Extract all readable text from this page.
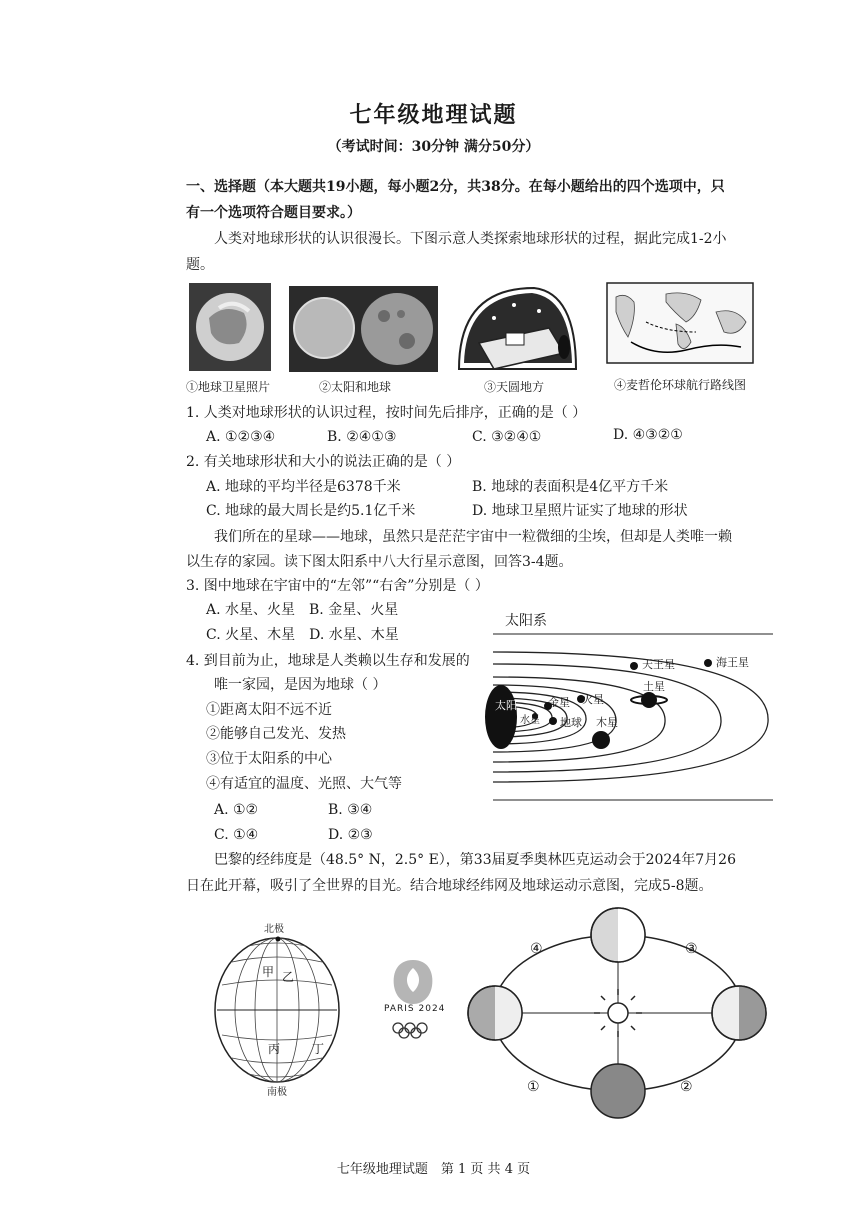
七年级地理试题
（考试时间：30分钟 满分50分）
一、选择题（本大题共19小题，每小题2分，共38分。在每小题给出的四个选项中，只
有一个选项符合题目要求。）
人类对地球形状的认识很漫长。下图示意人类探索地球形状的过程，据此完成1-2小
题。
①地球卫星照片	②太阳和地球	③天圆地方	④麦哲伦环球航行路线图
1. 人类对地球形状的认识过程，按时间先后排序，正确的是（ ）
A. ①②③④	B. ②④①③	C. ③②④①	D. ④③②①
2. 有关地球形状和大小的说法正确的是（ ）
A. 地球的平均半径是6378千米	B. 地球的表面积是4亿平方千米
C. 地球的最大周长是约5.1亿千米	D. 地球卫星照片证实了地球的形状
我们所在的星球——地球，虽然只是茫茫宇宙中一粒微细的尘埃，但却是人类唯一赖
以生存的家园。读下图太阳系中八大行星示意图，回答3-4题。
3. 图中地球在宇宙中的“左邻”“右舍”分别是（ ）
A. 水星、火星　B. 金星、火星
C. 火星、木星　D. 水星、木星
4. 到目前为止，地球是人类赖以生存和发展的
唯一家园，是因为地球（ ）
①距离太阳不远不近
②能够自己发光、发热
③位于太阳系的中心
④有适宜的温度、光照、大气等
A. ①②	B. ③④
C. ①④	D. ②③
太阳系
太阳
水星
金星
地球
火星
木星
土星
天王星	海王星
巴黎的经纬度是（48.5° N，2.5° E），第33届夏季奥林匹克运动会于2024年7月26
日在此开幕，吸引了全世界的目光。结合地球经纬网及地球运动示意图，完成5-8题。
北极
南极
甲 乙
丙	丁
PARIS 2024
④	③
①	②
七年级地理试题　第 1 页 共 4 页
